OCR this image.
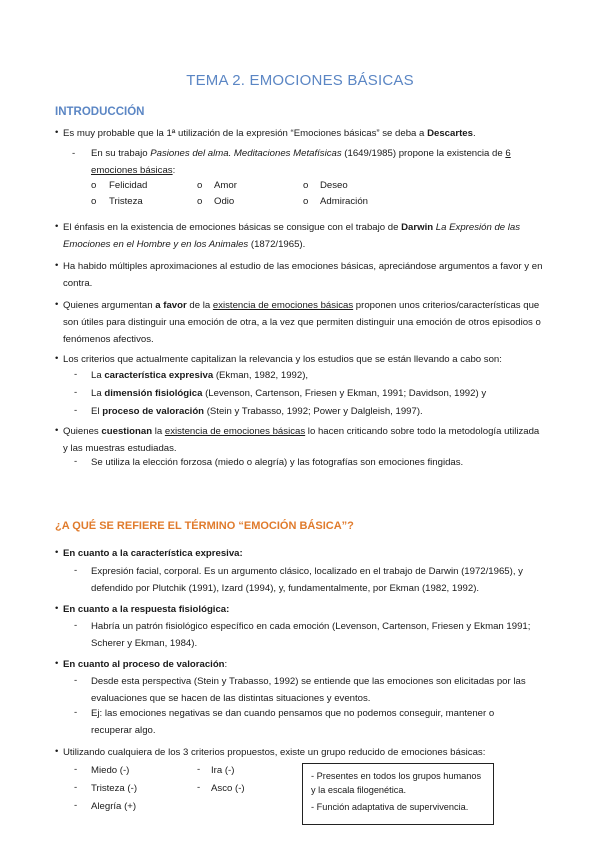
TEMA 2. EMOCIONES BÁSICAS
INTRODUCCIÓN
• Es muy probable que la 1ª utilización de la expresión “Emociones básicas” se deba a Descartes.
- En su trabajo Pasiones del alma. Meditaciones Metafísicas (1649/1985) propone la existencia de 6 emociones básicas:
o Felicidad	o Amor	o Deseo
o Tristeza	o Odio	o Admiración
• El énfasis en la existencia de emociones básicas se consigue con el trabajo de Darwin La Expresión de las Emociones en el Hombre y en los Animales (1872/1965).
• Ha habido múltiples aproximaciones al estudio de las emociones básicas, apreciándose argumentos a favor y en contra.
• Quienes argumentan a favor de la existencia de emociones básicas proponen unos criterios/características que son útiles para distinguir una emoción de otra, a la vez que permiten distinguir una emoción de otros episodios o fenómenos afectivos.
• Los criterios que actualmente capitalizan la relevancia y los estudios que se están llevando a cabo son:
- La característica expresiva (Ekman, 1982, 1992),
- La dimensión fisiológica (Levenson, Cartenson, Friesen y Ekman, 1991; Davidson, 1992) y
- El proceso de valoración (Stein y Trabasso, 1992; Power y Dalgleish, 1997).
• Quienes cuestionan la existencia de emociones básicas lo hacen criticando sobre todo la metodología utilizada y las muestras estudiadas.
- Se utiliza la elección forzosa (miedo o alegría) y las fotografías son emociones fingidas.
¿A QUÉ SE REFIERE EL TÉRMINO “EMOCIÓN BÁSICA”?
• En cuanto a la característica expresiva:
- Expresión facial, corporal. Es un argumento clásico, localizado en el trabajo de Darwin (1972/1965), y defendido por Plutchik (1991), Izard (1994), y, fundamentalmente, por Ekman (1982, 1992).
• En cuanto a la respuesta fisiológica:
- Habría un patrón fisiológico específico en cada emoción (Levenson, Cartenson, Friesen y Ekman 1991; Scherer y Ekman, 1984).
• En cuanto al proceso de valoración:
- Desde esta perspectiva (Stein y Trabasso, 1992) se entiende que las emociones son elicitadas por las evaluaciones que se hacen de las distintas situaciones y eventos.
- Ej: las emociones negativas se dan cuando pensamos que no podemos conseguir, mantener o recuperar algo.
• Utilizando cualquiera de los 3 criterios propuestos, existe un grupo reducido de emociones básicas:
- Miedo (-)	- Ira (-)
- Tristeza (-)	- Asco (-)
- Alegría (+)
- Presentes en todos los grupos humanos y la escala filogenética.
- Función adaptativa de supervivencia.
